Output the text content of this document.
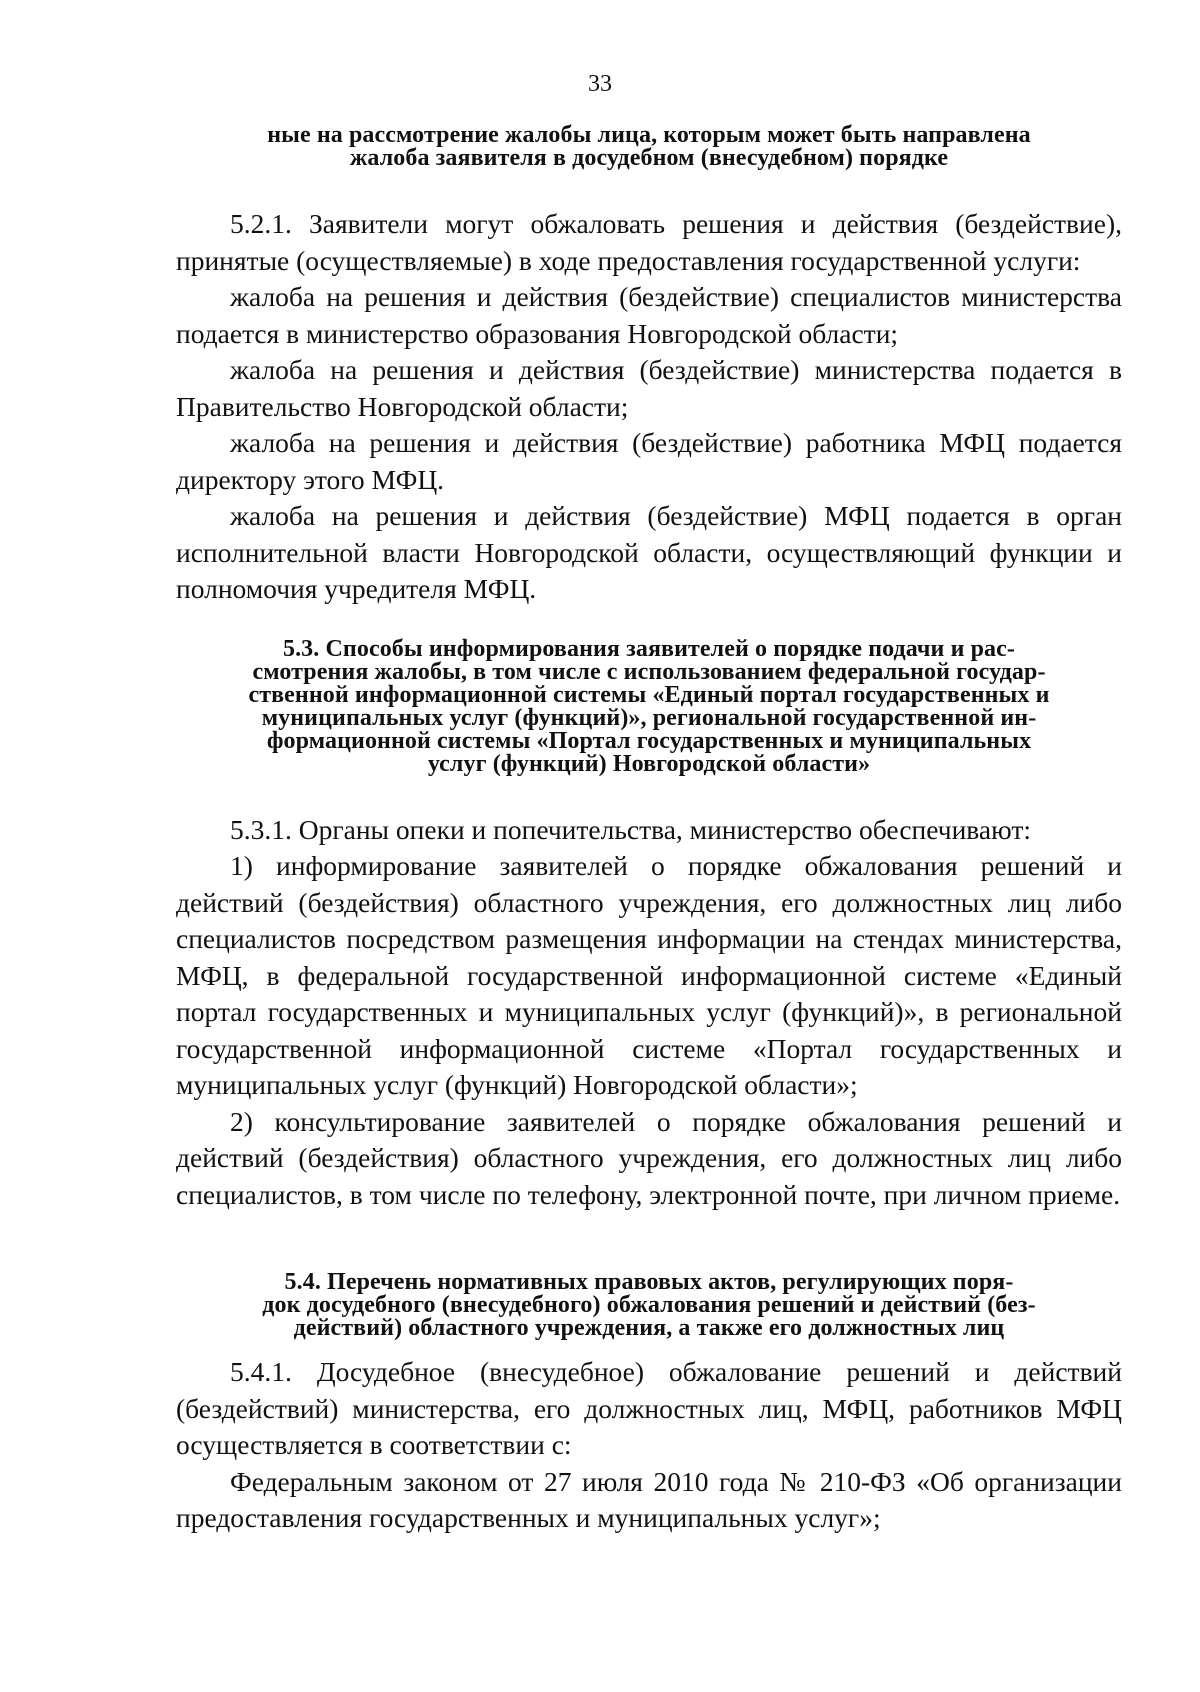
33

ные на рассмотрение жалобы лица, которым может быть направлена
жалоба заявителя в досудебном (внесудебном) порядке

5.2.1. Заявители могут обжаловать решения и действия (бездействие), принятые (осуществляемые) в ходе предоставления государственной услуги:

жалоба на решения и действия (бездействие) специалистов министерства подается в министерство образования Новгородской области;

жалоба на решения и действия (бездействие) министерства подается в Правительство Новгородской области;

жалоба на решения и действия (бездействие) работника МФЦ подается директору этого МФЦ.

жалоба на решения и действия (бездействие) МФЦ подается в орган исполнительной власти Новгородской области, осуществляющий функции и полномочия учредителя МФЦ.

5.3. Способы информирования заявителей о порядке подачи и рас-
смотрения жалобы, в том числе с использованием федеральной государ-
ственной информационной системы «Единый портал государственных и
муниципальных услуг (функций)», региональной государственной ин-
формационной системы «Портал государственных и муниципальных
услуг (функций) Новгородской области»

5.3.1. Органы опеки и попечительства, министерство обеспечивают:

1) информирование заявителей о порядке обжалования решений и действий (бездействия) областного учреждения, его должностных лиц либо специалистов посредством размещения информации на стендах министерства, МФЦ, в федеральной государственной информационной системе «Единый портал государственных и муниципальных услуг (функций)», в региональной государственной информационной системе «Портал государственных и муниципальных услуг (функций) Новгородской области»;

2) консультирование заявителей о порядке обжалования решений и действий (бездействия) областного учреждения, его должностных лиц либо специалистов, в том числе по телефону, электронной почте, при личном приеме.

5.4. Перечень нормативных правовых актов, регулирующих поря-
док досудебного (внесудебного) обжалования решений и действий (без-
действий) областного учреждения, а также его должностных лиц

5.4.1. Досудебное (внесудебное) обжалование решений и действий (бездействий) министерства, его должностных лиц, МФЦ, работников МФЦ осуществляется в соответствии с:

Федеральным законом от 27 июля 2010 года № 210-ФЗ «Об организации предоставления государственных и муниципальных услуг»;
